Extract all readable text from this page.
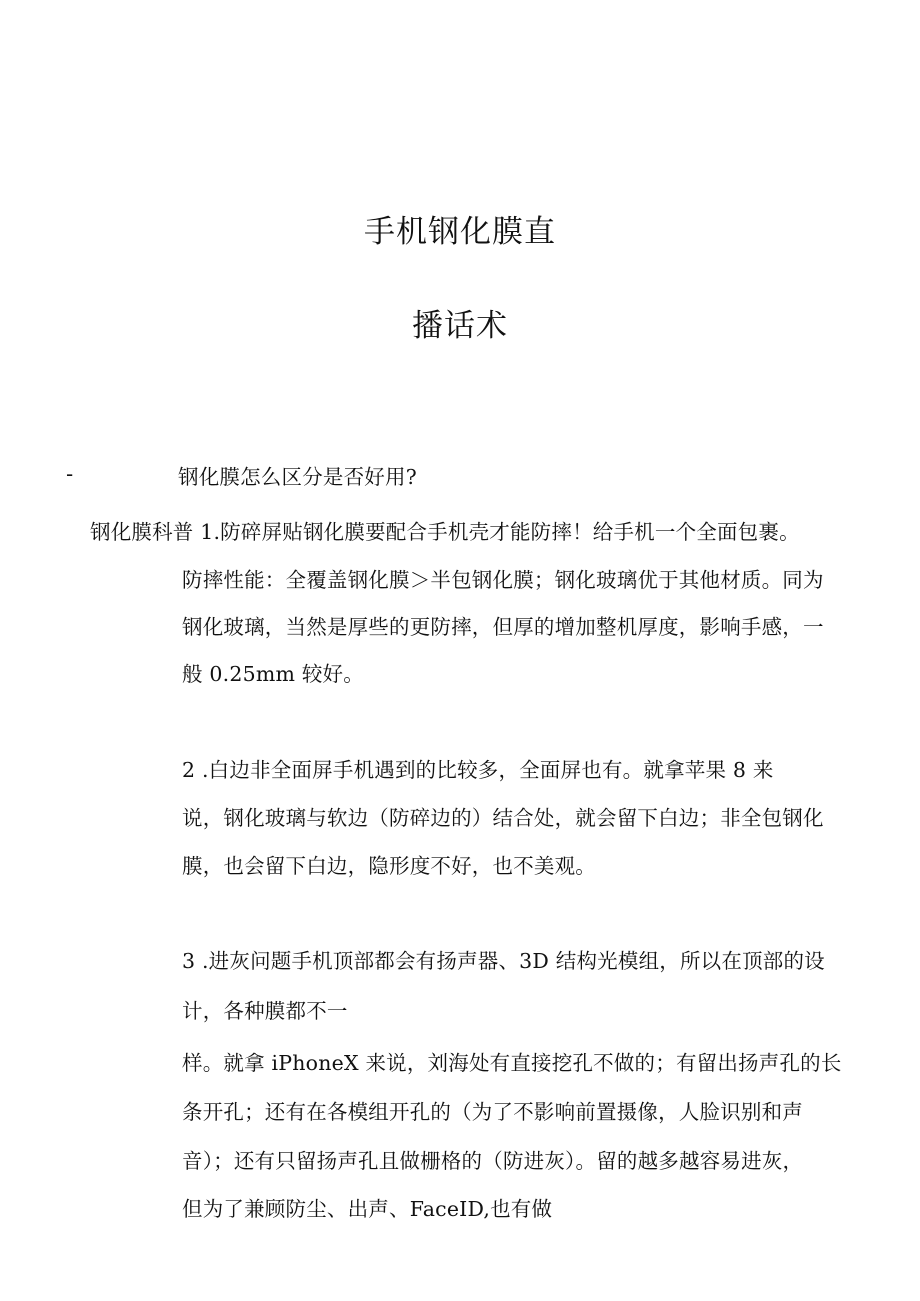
手机钢化膜直
播话术
-	钢化膜怎么区分是否好用?
钢化膜科普 1.防碎屏贴钢化膜要配合手机壳才能防摔！给手机一个全面包裹。
防摔性能：全覆盖钢化膜＞半包钢化膜；钢化玻璃优于其他材质。同为
钢化玻璃，当然是厚些的更防摔，但厚的增加整机厚度，影响手感，一
般 0.25mm 较好。
2 .白边非全面屏手机遇到的比较多，全面屏也有。就拿苹果 8 来
说，钢化玻璃与软边（防碎边的）结合处，就会留下白边；非全包钢化
膜，也会留下白边，隐形度不好，也不美观。
3 .进灰问题手机顶部都会有扬声器、3D 结构光模组，所以在顶部的设
计，各种膜都不一
样。就拿 iPhoneX 来说，刘海处有直接挖孔不做的；有留出扬声孔的长
条开孔；还有在各模组开孔的（为了不影响前置摄像，人脸识别和声
音）；还有只留扬声孔且做栅格的（防进灰）。留的越多越容易进灰，
但为了兼顾防尘、出声、FaceID,也有做
